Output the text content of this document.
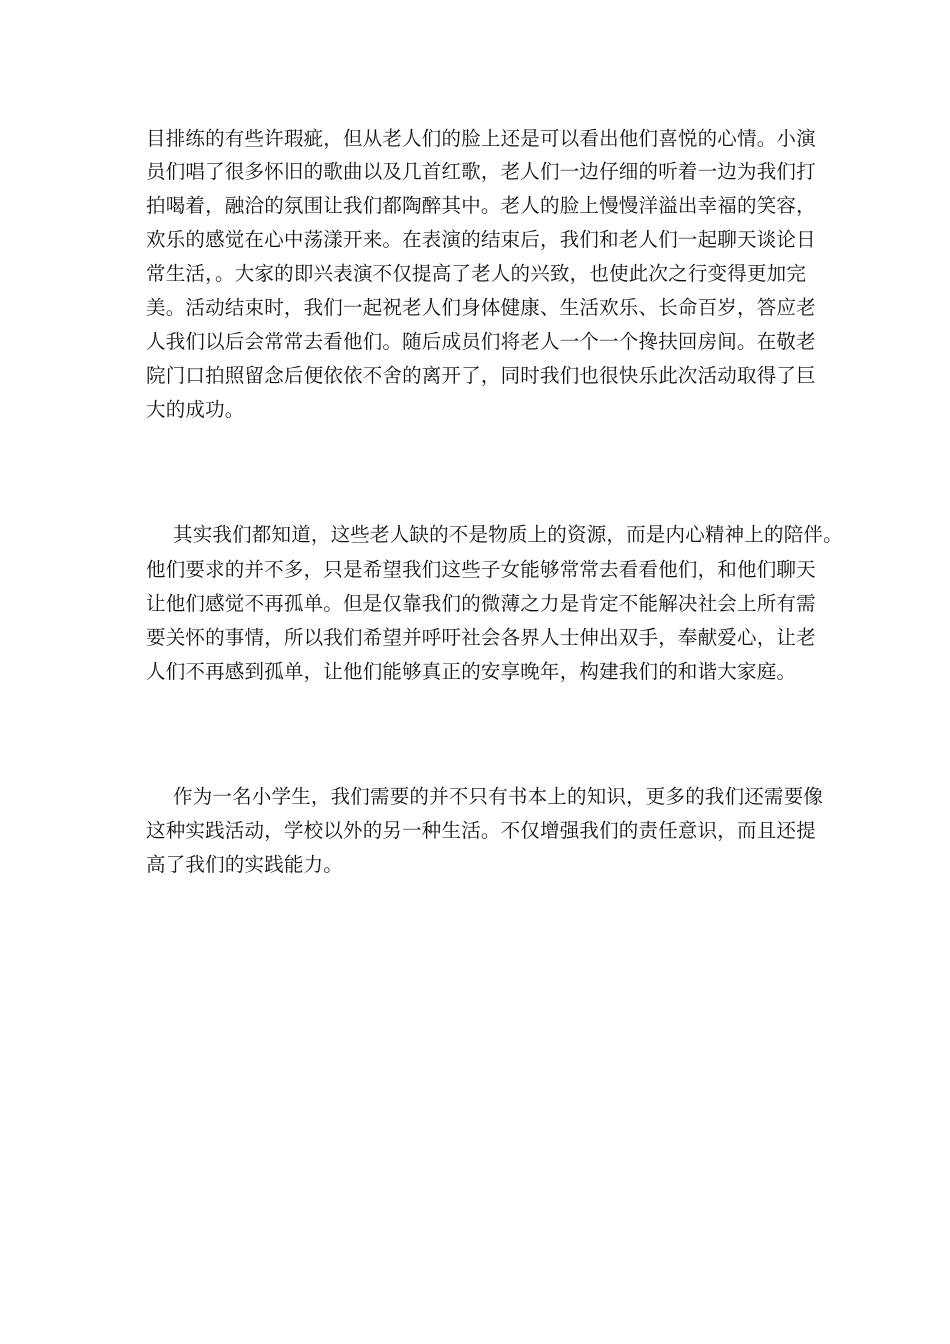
目排练的有些许瑕疵，但从老人们的脸上还是可以看出他们喜悦的心情。小演
员们唱了很多怀旧的歌曲以及几首红歌，老人们一边仔细的听着一边为我们打
拍喝着，融洽的氛围让我们都陶醉其中。老人的脸上慢慢洋溢出幸福的笑容，
欢乐的感觉在心中荡漾开来。在表演的结束后，我们和老人们一起聊天谈论日
常生活，。大家的即兴表演不仅提高了老人的兴致，也使此次之行变得更加完
美。活动结束时，我们一起祝老人们身体健康、生活欢乐、长命百岁，答应老
人我们以后会常常去看他们。随后成员们将老人一个一个搀扶回房间。在敬老
院门口拍照留念后便依依不舍的离开了，同时我们也很快乐此次活动取得了巨
大的成功。
其实我们都知道，这些老人缺的不是物质上的资源，而是内心精神上的陪伴。
他们要求的并不多，只是希望我们这些子女能够常常去看看他们，和他们聊天
让他们感觉不再孤单。但是仅靠我们的微薄之力是肯定不能解决社会上所有需
要关怀的事情，所以我们希望并呼吁社会各界人士伸出双手，奉献爱心，让老
人们不再感到孤单，让他们能够真正的安享晚年，构建我们的和谐大家庭。
作为一名小学生，我们需要的并不只有书本上的知识，更多的我们还需要像
这种实践活动，学校以外的另一种生活。不仅增强我们的责任意识，而且还提
高了我们的实践能力。
